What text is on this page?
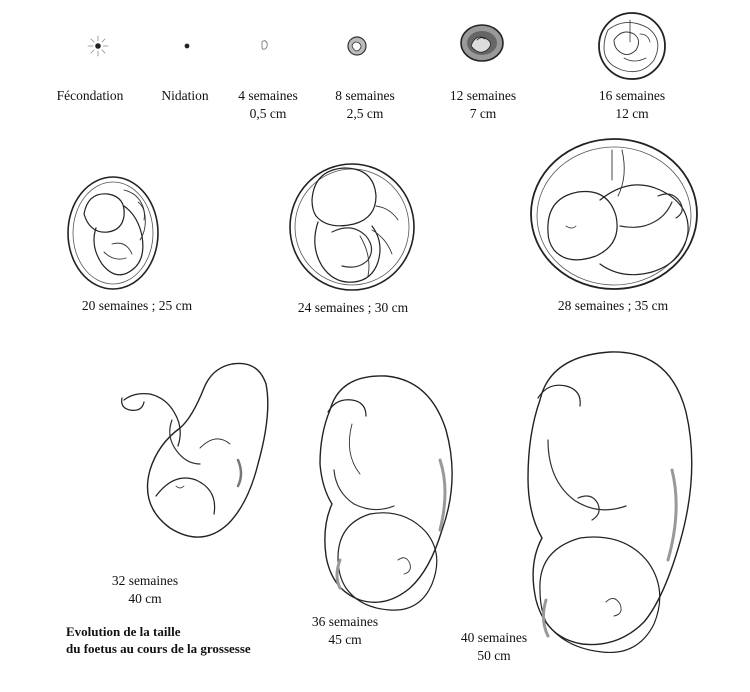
Fécondation	Nidation	4 semaines
0,5 cm
8 semaines
2,5 cm
12 semaines
7 cm
16 semaines
12 cm
20 semaines ; 25 cm	24 semaines ; 30 cm	28 semaines ; 35 cm
32 semaines
40 cm
36 semaines
45 cm	40 semaines
50 cm
Evolution de la taille
du foetus au cours de la grossesse
